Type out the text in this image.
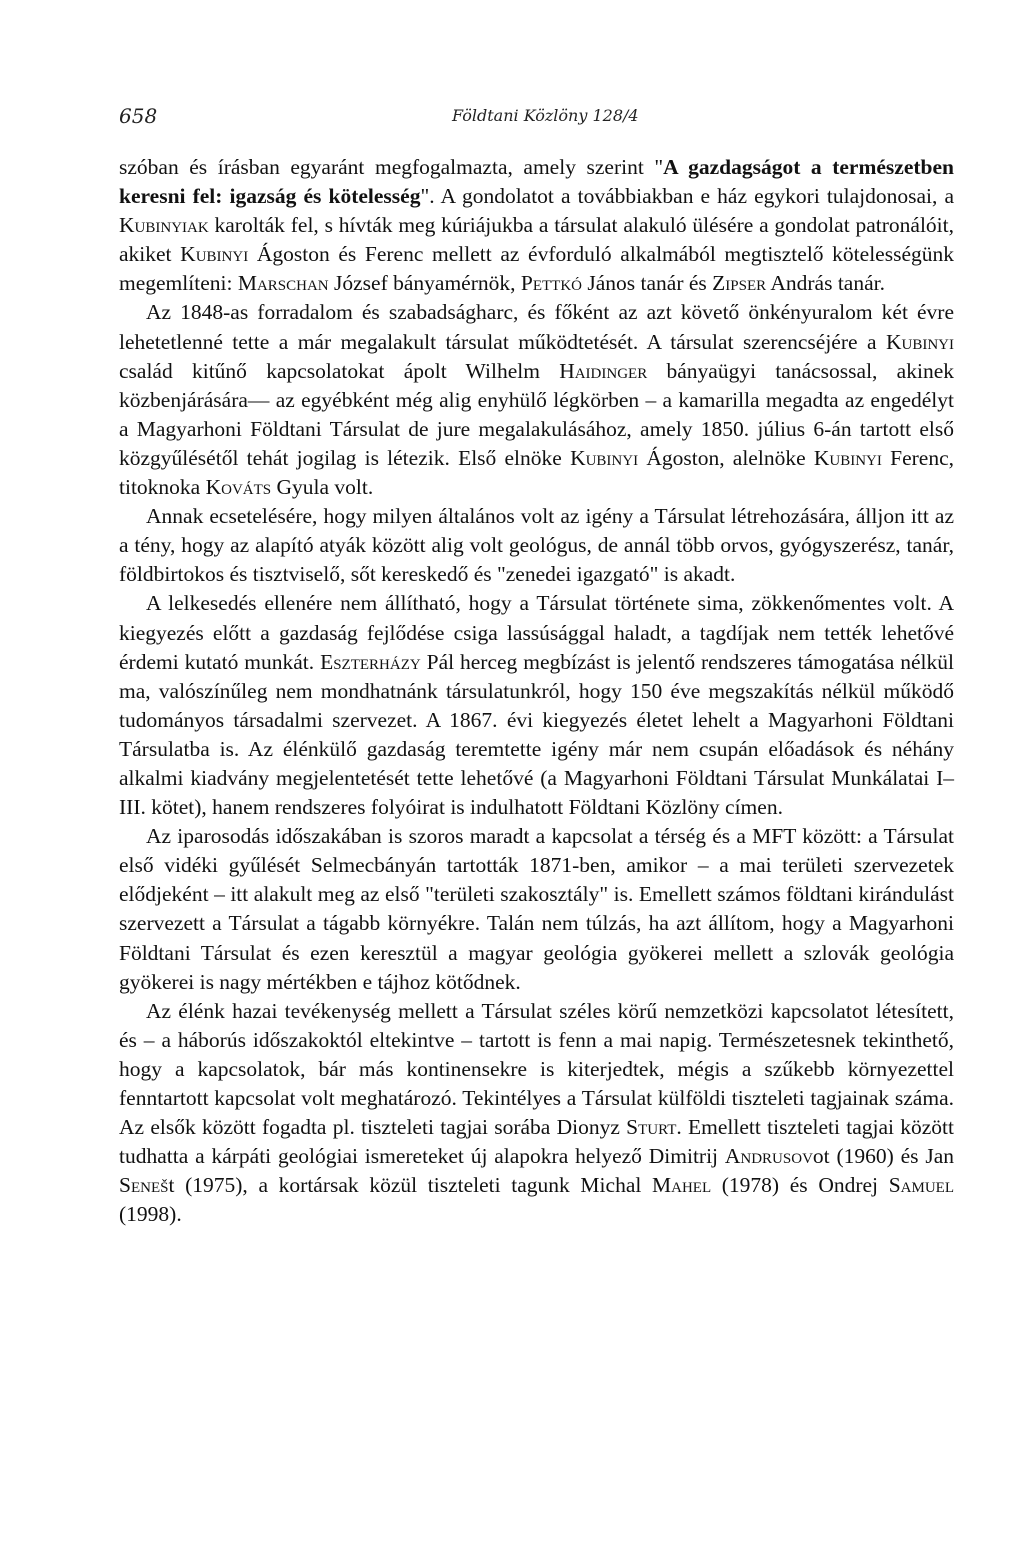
658	Földtani Közlöny 128/4

szóban és írásban egyaránt megfogalmazta, amely szerint "A gazdagságot a természetben keresni fel: igazság és kötelesség". A gondolatot a továbbiakban e ház egykori tulajdonosai, a Kubinyiak karolták fel, s hívták meg kúriájukba a társulat alakuló ülésére a gondolat patronálóit, akiket Kubinyi Ágoston és Ferenc mellett az évforduló alkalmából megtisztelő kötelességünk megemlíteni: Marschan József bányamérnök, Pettkó János tanár és Zipser András tanár.

Az 1848-as forradalom és szabadságharc, és főként az azt követő önkényuralom két évre lehetetlenné tette a már megalakult társulat működtetését. A társulat szerencséjére a Kubinyi család kitűnő kapcsolatokat ápolt Wilhelm Haidinger bányaügyi tanácsossal, akinek közbenjárására— az egyébként még alig enyhülő légkörben – a kamarilla megadta az engedélyt a Magyarhoni Földtani Társulat de jure megalakulásához, amely 1850. július 6-án tartott első közgyűlésétől tehát jogilag is létezik. Első elnöke Kubinyi Ágoston, alelnöke Kubinyi Ferenc, titoknoka Kováts Gyula volt.

Annak ecsetelésére, hogy milyen általános volt az igény a Társulat létrehozására, álljon itt az a tény, hogy az alapító atyák között alig volt geológus, de annál több orvos, gyógyszerész, tanár, földbirtokos és tisztviselő, sőt kereskedő és "zenedei igazgató" is akadt.

A lelkesedés ellenére nem állítható, hogy a Társulat története sima, zökkenőmentes volt. A kiegyezés előtt a gazdaság fejlődése csiga lassúsággal haladt, a tagdíjak nem tették lehetővé érdemi kutató munkát. Eszterházy Pál herceg megbízást is jelentő rendszeres támogatása nélkül ma, valószínűleg nem mondhatnánk társulatunkról, hogy 150 éve megszakítás nélkül működő tudományos társadalmi szervezet. A 1867. évi kiegyezés életet lehelt a Magyarhoni Földtani Társulatba is. Az élénkülő gazdaság teremtette igény már nem csupán előadások és néhány alkalmi kiadvány megjelentetését tette lehetővé (a Magyarhoni Földtani Társulat Munkálatai I–III. kötet), hanem rendszeres folyóirat is indulhatott Földtani Közlöny címen.

Az iparosodás időszakában is szoros maradt a kapcsolat a térség és a MFT között: a Társulat első vidéki gyűlését Selmecbányán tartották 1871-ben, amikor – a mai területi szervezetek elődjeként – itt alakult meg az első "területi szakosztály" is. Emellett számos földtani kirándulást szervezett a Társulat a tágabb környékre. Talán nem túlzás, ha azt állítom, hogy a Magyarhoni Földtani Társulat és ezen keresztül a magyar geológia gyökerei mellett a szlovák geológia gyökerei is nagy mértékben e tájhoz kötődnek.

Az élénk hazai tevékenység mellett a Társulat széles körű nemzetközi kapcsolatot létesített, és – a háborús időszakoktól eltekintve – tartott is fenn a mai napig. Természetesnek tekinthető, hogy a kapcsolatok, bár más kontinensekre is kiterjedtek, mégis a szűkebb környezettel fenntartott kapcsolat volt meghatározó. Tekintélyes a Társulat külföldi tiszteleti tagjainak száma. Az elsők között fogadta pl. tiszteleti tagjai sorába Dionyz Sturt. Emellett tiszteleti tagjai között tudhatta a kárpáti geológiai ismereteket új alapokra helyező Dimitrij Andrusovot (1960) és Jan Senešt (1975), a kortársak közül tiszteleti tagunk Michal Mahel (1978) és Ondrej Samuel (1998).
